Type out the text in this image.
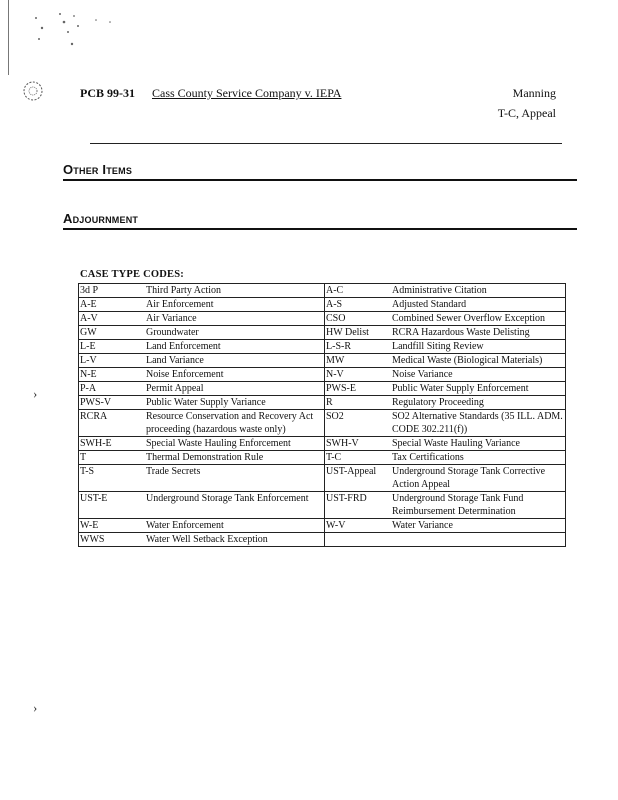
›
›
PCB 99-31 Cass County Service Company v. IEPA	Manning
T-C, Appeal
Other Items
Adjournment
CASE TYPE CODES:
3d P	Third Party Action	A-C	Administrative Citation
A-E	Air Enforcement	A-S	Adjusted Standard
A-V	Air Variance	CSO	Combined Sewer Overflow Exception
GW	Groundwater	HW Delist	RCRA Hazardous Waste Delisting
L-E	Land Enforcement	L-S-R	Landfill Siting Review
L-V	Land Variance	MW	Medical Waste (Biological Materials)
N-E	Noise Enforcement	N-V	Noise Variance
P-A	Permit Appeal	PWS-E	Public Water Supply Enforcement
PWS-V	Public Water Supply Variance	R	Regulatory Proceeding
RCRA	Resource Conservation and Recovery Act proceeding (hazardous waste only)	SO2	SO2 Alternative Standards (35 ILL. ADM. CODE 302.211(f))
SWH-E	Special Waste Hauling Enforcement	SWH-V	Special Waste Hauling Variance
T	Thermal Demonstration Rule	T-C	Tax Certifications
T-S	Trade Secrets	UST-Appeal	Underground Storage Tank Corrective Action Appeal
UST-E	Underground Storage Tank Enforcement	UST-FRD	Underground Storage Tank Fund Reimbursement Determination
W-E	Water Enforcement	W-V	Water Variance
WWS	Water Well Setback Exception		
